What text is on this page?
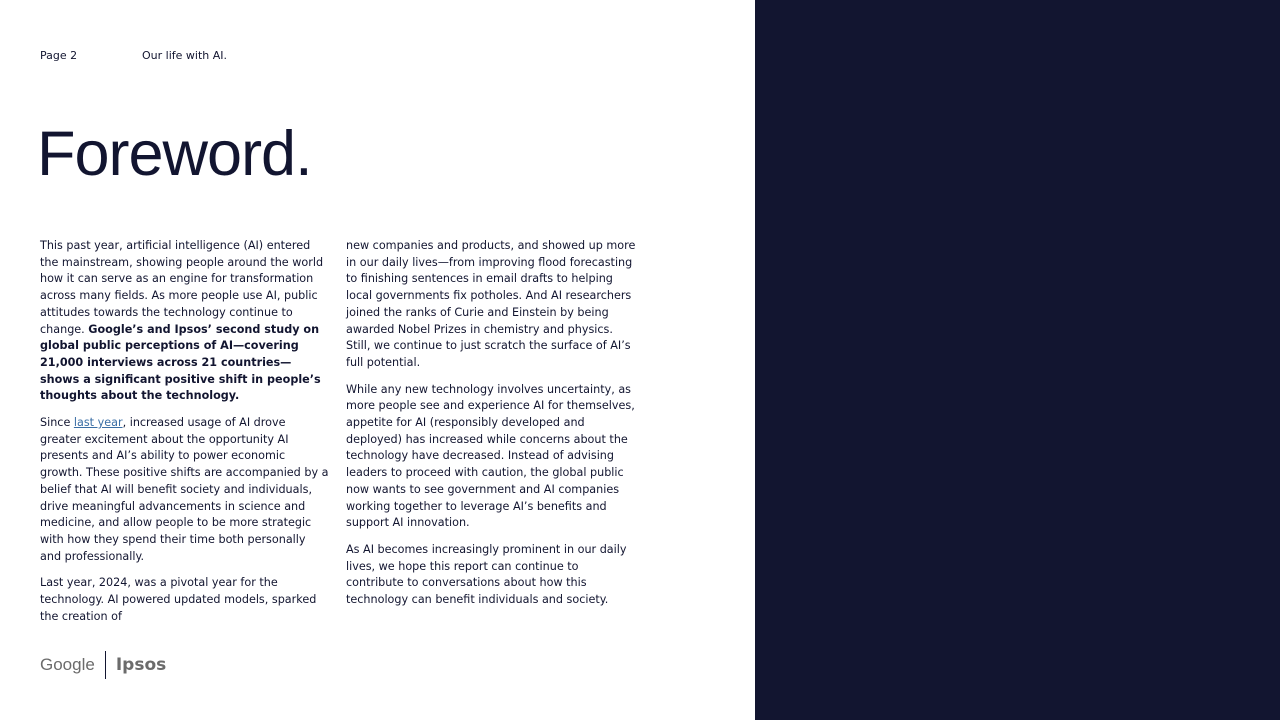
Page 2	Our life with AI.
Foreword.

This past year, artificial intelligence (AI) entered the mainstream, showing people around the world how it can serve as an engine for transformation across many fields. As more people use AI, public attitudes towards the technology continue to change. Google’s and Ipsos’ second study on global public perceptions of AI—covering 21,000 interviews across 21 countries—shows a significant positive shift in people’s thoughts about the technology.

Since last year, increased usage of AI drove greater excitement about the opportunity AI presents and AI’s ability to power economic growth. These positive shifts are accompanied by a belief that AI will benefit society and individuals, drive meaningful advancements in science and medicine, and allow people to be more strategic with how they spend their time both personally and professionally.

Last year, 2024, was a pivotal year for the technology. AI powered updated models, sparked the creation of

new companies and products, and showed up more in our daily lives—from improving flood forecasting to finishing sentences in email drafts to helping local governments fix potholes. And AI researchers joined the ranks of Curie and Einstein by being awarded Nobel Prizes in chemistry and physics. Still, we continue to just scratch the surface of AI’s full potential.

While any new technology involves uncertainty, as more people see and experience AI for themselves, appetite for AI (responsibly developed and deployed) has increased while concerns about the technology have decreased. Instead of advising leaders to proceed with caution, the global public now wants to see government and AI companies working together to leverage AI’s benefits and support AI innovation.

As AI becomes increasingly prominent in our daily lives, we hope this report can continue to contribute to conversations about how this technology can benefit individuals and society.

Google Ipsos
